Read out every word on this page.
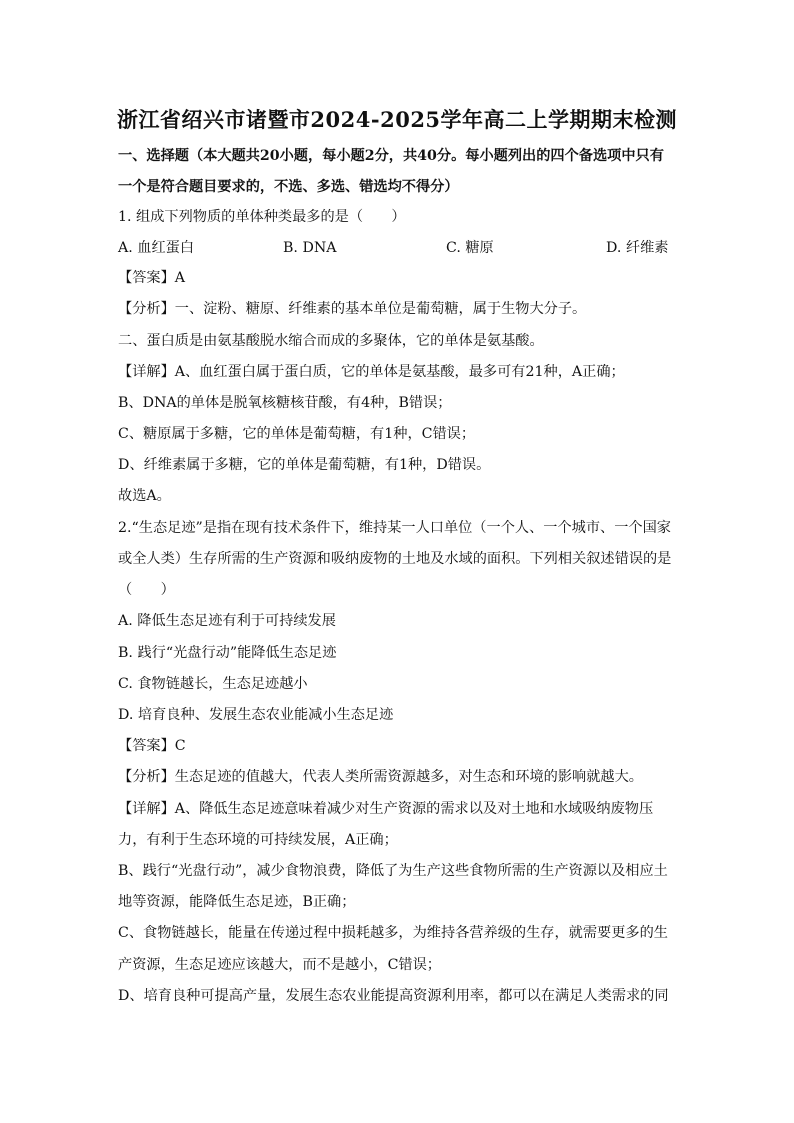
浙江省绍兴市诸暨市2024-2025学年高二上学期期末检测
一、选择题（本大题共20小题，每小题2分，共40分。每小题列出的四个备选项中只有
一个是符合题目要求的，不选、多选、错选均不得分）
1. 组成下列物质的单体种类最多的是（　　）
A. 血红蛋白	B. DNA	C. 糖原	D. 纤维素
【答案】A
【分析】一、淀粉、糖原、纤维素的基本单位是葡萄糖，属于生物大分子。
二、蛋白质是由氨基酸脱水缩合而成的多聚体，它的单体是氨基酸。
【详解】A、血红蛋白属于蛋白质，它的单体是氨基酸，最多可有21种，A正确；
B、DNA的单体是脱氧核糖核苷酸，有4种，B错误；
C、糖原属于多糖，它的单体是葡萄糖，有1种，C错误；
D、纤维素属于多糖，它的单体是葡萄糖，有1种，D错误。
故选A。
2.“生态足迹”是指在现有技术条件下，维持某一人口单位（一个人、一个城市、一个国家
或全人类）生存所需的生产资源和吸纳废物的土地及水域的面积。下列相关叙述错误的是
（　　）
A. 降低生态足迹有利于可持续发展
B. 践行“光盘行动”能降低生态足迹
C. 食物链越长，生态足迹越小
D. 培育良种、发展生态农业能减小生态足迹
【答案】C
【分析】生态足迹的值越大，代表人类所需资源越多，对生态和环境的影响就越大。
【详解】A、降低生态足迹意味着减少对生产资源的需求以及对土地和水域吸纳废物压
力，有利于生态环境的可持续发展，A正确；
B、践行“光盘行动”，减少食物浪费，降低了为生产这些食物所需的生产资源以及相应土
地等资源，能降低生态足迹，B正确；
C、食物链越长，能量在传递过程中损耗越多，为维持各营养级的生存，就需要更多的生
产资源，生态足迹应该越大，而不是越小，C错误；
D、培育良种可提高产量，发展生态农业能提高资源利用率，都可以在满足人类需求的同
